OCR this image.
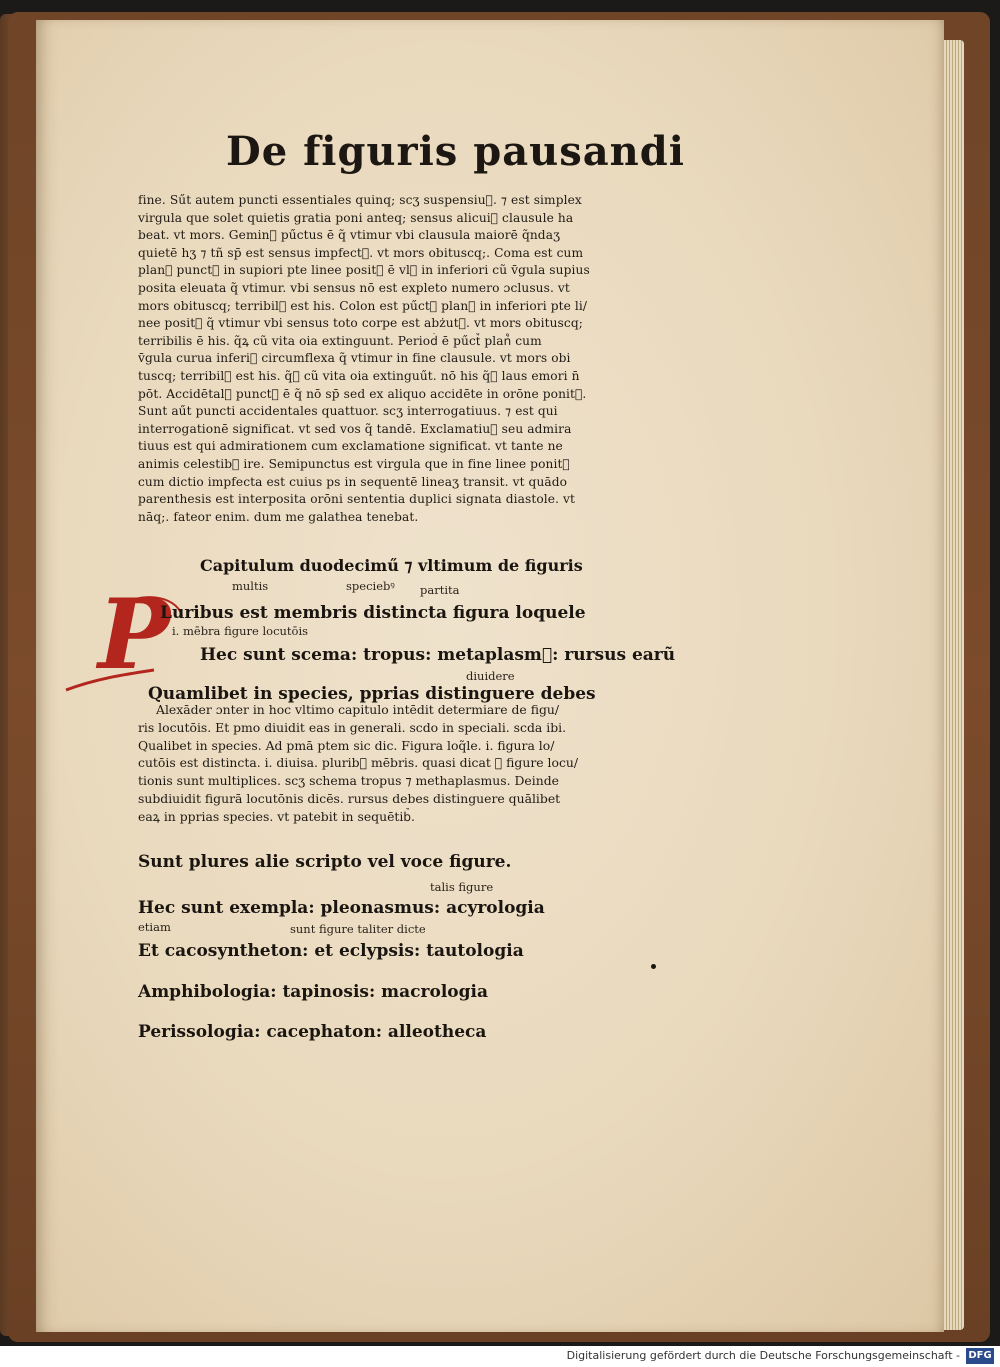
De figuris pausandi
fine. Sűt autem puncti essentiales quinq; scʒ suspensiu᷒. ⁊ est simplex
virgula que solet quietis gratia poni anteq; sensus alicui᷒ clausule ha
beat. vt mors. Gemin᷒ pűctus ē q̃ vtimur vbi clausula maiorē q̃ndaʒ
quietē hʒ ⁊ tñ sp̄ est sensus impfect᷒. vt mors obituscq;. Coma est cum
plan᷒ punct᷒ in supiori pte linee posit᷒ ē vl᷒ in inferiori cũ v̄gula supius
posita eleuata q̃ vtimur. vbi sensus nō est expleto numero ɔclusus. vt
mors obituscq; terribil᷒ est his. Colon est pűct᷒ plan᷒ in inferiori pte li/
nee posit᷒ q̃ vtimur vbi sensus toto corpe est abżut᷒. vt mors obituscq;
terribilis ē his. q̃ꝝ cũ vita oia extinguunt. Period᷒ ē pűct᷒ plan᷒ cum
v̄gula curua inferi᷒ circumflexa q̃ vtimur in fine clausule. vt mors obi
tuscq; terribil᷒ est his. q̃ꝝ cũ vita oia extinguűt. nō his q̃ꝝ laus emori n̄
pōt. Accidētal᷒ punct᷒ ē q̃ nō sp̄ sed ex aliquo accidēte in orōne ponit᷒.
Sunt aűt puncti accidentales quattuor. scʒ interrogatiuus. ⁊ est qui
interrogationē significat. vt sed vos q̃ tandē. Exclamatiu᷒ seu admira
tiuus est qui admirationem cum exclamatione significat. vt tante ne
animis celestib᷒ ire. Semipunctus est virgula que in fine linee ponit᷒
cum dictio impfecta est cuius ps in sequentē lineaʒ transit. vt quādo
parenthesis est interposita orōni sententia duplici signata diastole. vt
nāq;. fateor enim. dum me galathea tenebat.
Capitulum duodecimű ⁊ vltimum de figuris
multis	speciebꝰ partita
P
Luribus est membris distincta figura loquele
i. mēbra figure locutōis
Hec sunt scema: tropus: metaplasm᷒: rursus earũ
diuidere
Quamlibet in species, pprias distinguere debes
Alexāder ɔnter in hoc vltimo capitulo intēdit determiare de figu/
ris locutōis. Et pmo diuidit eas in generali. scdo in speciali. scda ibi.
Qualibet in species. Ad pmā ptem sic dic. Figura loq̃le. i. figura lo/
cutōis est distincta. i. diuisa. plurib᷒ mēbris. quasi dicat ꝙ figure locu/
tionis sunt multiplices. scʒ schema tropus ⁊ methaplasmus. Deinde
subdiuidit figurā locutōnis dicēs. rursus debes distinguere quālibet
eaꝝ in pprias species. vt patebit in sequētib᷒.
Sunt plures alie scripto vel voce figure.
talis figure
Hec sunt exempla: pleonasmus: acyrologia
etiam	sunt figure taliter dicte
Et cacosyntheton: et eclypsis: tautologia
Amphibologia: tapinosis: macrologia
Perissologia: cacephaton: alleotheca
Digitalisierung gefördert durch die Deutsche Forschungsgemeinschaft - DFG
